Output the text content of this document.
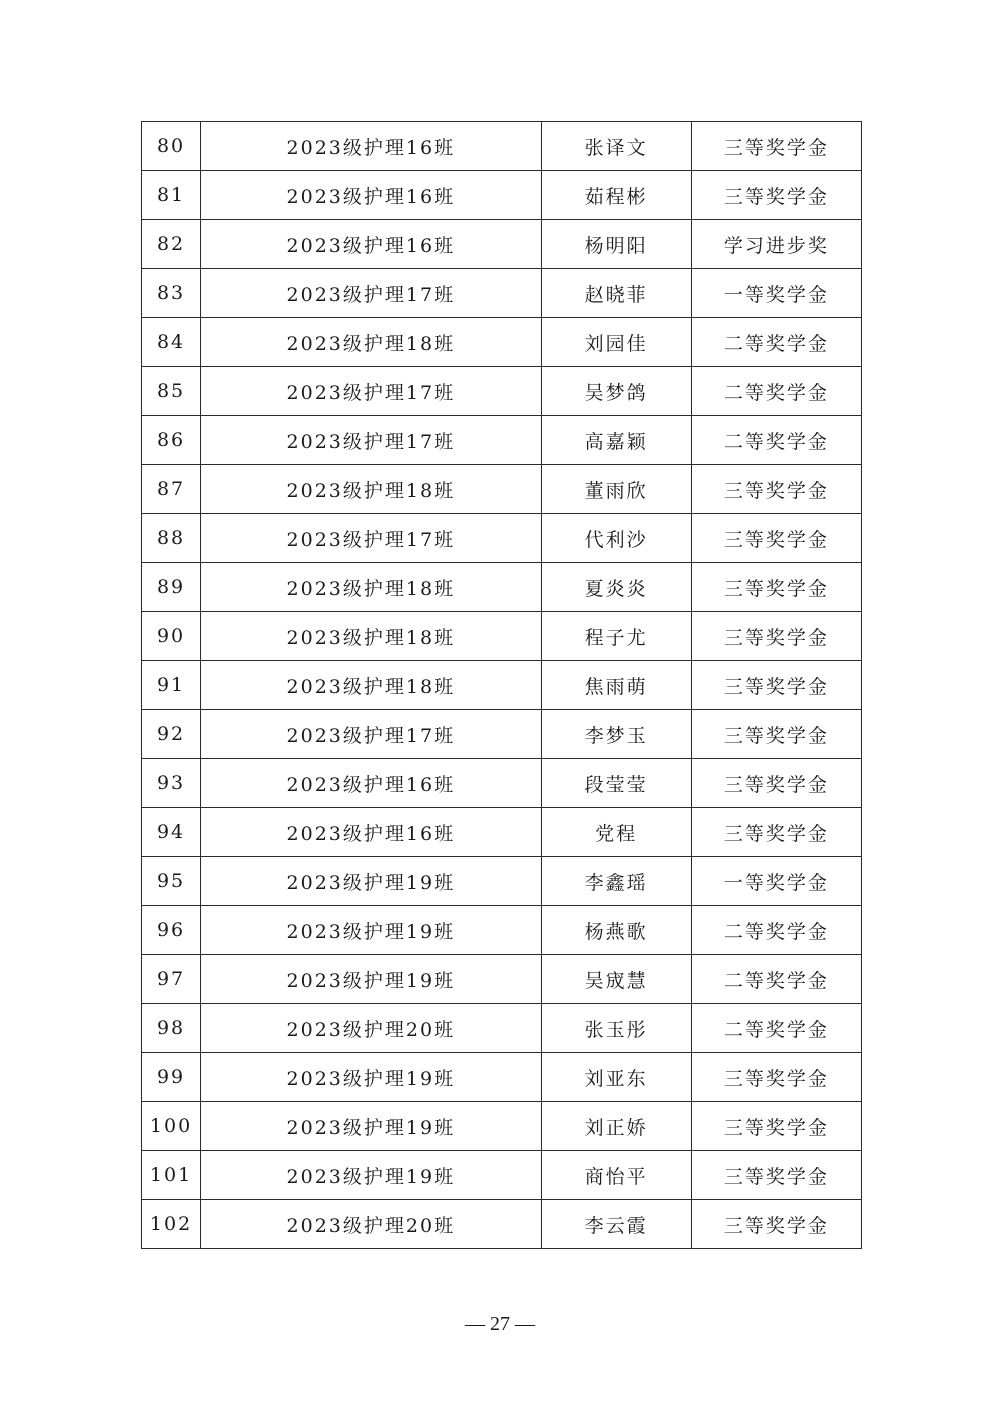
80	2023级护理16班	张译文	三等奖学金
81	2023级护理16班	茹程彬	三等奖学金
82	2023级护理16班	杨明阳	学习进步奖
83	2023级护理17班	赵晓菲	一等奖学金
84	2023级护理18班	刘园佳	二等奖学金
85	2023级护理17班	吴梦鸽	二等奖学金
86	2023级护理17班	高嘉颖	二等奖学金
87	2023级护理18班	董雨欣	三等奖学金
88	2023级护理17班	代利沙	三等奖学金
89	2023级护理18班	夏炎炎	三等奖学金
90	2023级护理18班	程子尤	三等奖学金
91	2023级护理18班	焦雨萌	三等奖学金
92	2023级护理17班	李梦玉	三等奖学金
93	2023级护理16班	段莹莹	三等奖学金
94	2023级护理16班	党程	三等奖学金
95	2023级护理19班	李鑫瑶	一等奖学金
96	2023级护理19班	杨燕歌	二等奖学金
97	2023级护理19班	吴宬慧	二等奖学金
98	2023级护理20班	张玉彤	二等奖学金
99	2023级护理19班	刘亚东	三等奖学金
100	2023级护理19班	刘正娇	三等奖学金
101	2023级护理19班	商怡平	三等奖学金
102	2023级护理20班	李云霞	三等奖学金
— 27 —
